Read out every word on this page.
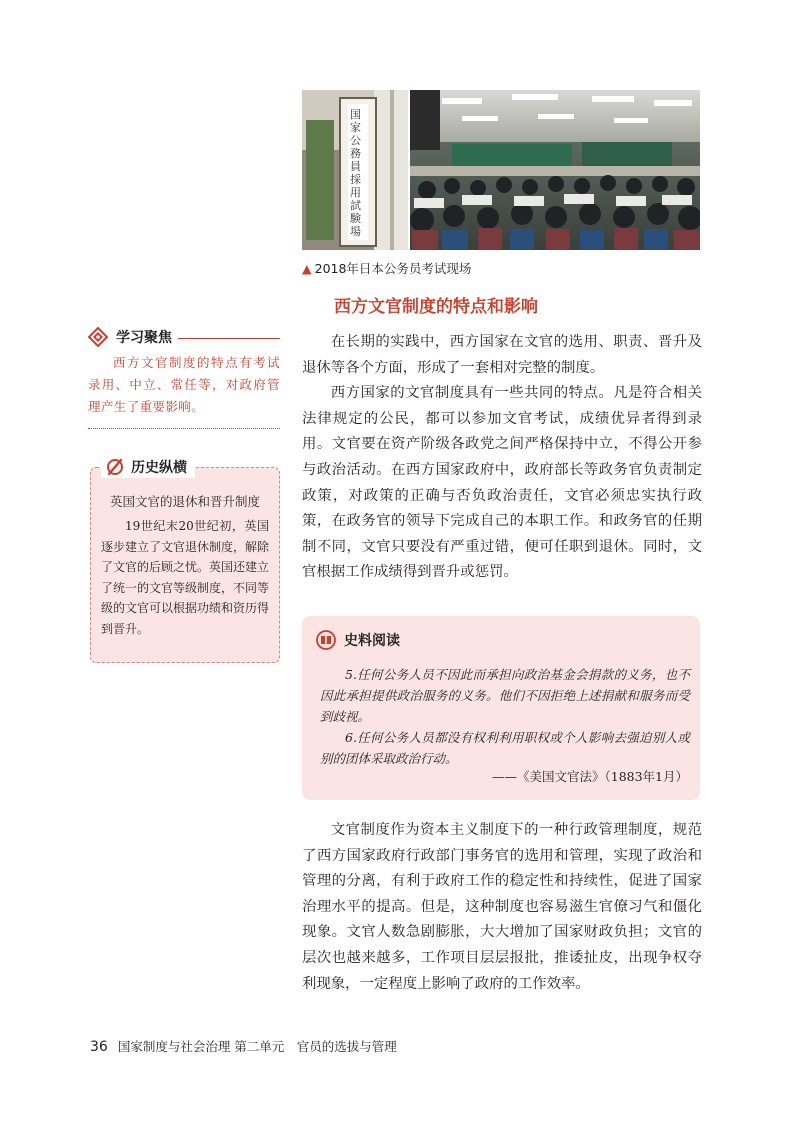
国家公務員採用試験場
▲ 2018年日本公务员考试现场
西方文官制度的特点和影响

在长期的实践中，西方国家在文官的选用、职责、晋升及退休等各个方面，形成了一套相对完整的制度。

西方国家的文官制度具有一些共同的特点。凡是符合相关法律规定的公民，都可以参加文官考试，成绩优异者得到录用。文官要在资产阶级各政党之间严格保持中立，不得公开参与政治活动。在西方国家政府中，政府部长等政务官负责制定政策，对政策的正确与否负政治责任，文官必须忠实执行政策，在政务官的领导下完成自己的本职工作。和政务官的任期制不同，文官只要没有严重过错，便可任职到退休。同时，文官根据工作成绩得到晋升或惩罚。

学习聚焦
西方文官制度的特点有考试录用、中立、常任等，对政府管理产生了重要影响。
历史纵横
英国文官的退休和晋升制度

19世纪末20世纪初，英国逐步建立了文官退休制度，解除了文官的后顾之忧。英国还建立了统一的文官等级制度，不同等级的文官可以根据功绩和资历得到晋升。

史料阅读

5.任何公务人员不因此而承担向政治基金会捐款的义务，也不因此承担提供政治服务的义务。他们不因拒绝上述捐献和服务而受到歧视。

6.任何公务人员都没有权利利用职权或个人影响去强迫别人或别的团体采取政治行动。

——《美国文官法》（1883年1月）

文官制度作为资本主义制度下的一种行政管理制度，规范了西方国家政府行政部门事务官的选用和管理，实现了政治和管理的分离，有利于政府工作的稳定性和持续性，促进了国家治理水平的提高。但是，这种制度也容易滋生官僚习气和僵化现象。文官人数急剧膨胀，大大增加了国家财政负担；文官的层次也越来越多，工作项目层层报批，推诿扯皮，出现争权夺利现象，一定程度上影响了政府的工作效率。

36 国家制度与社会治理 第二单元　官员的选拔与管理
